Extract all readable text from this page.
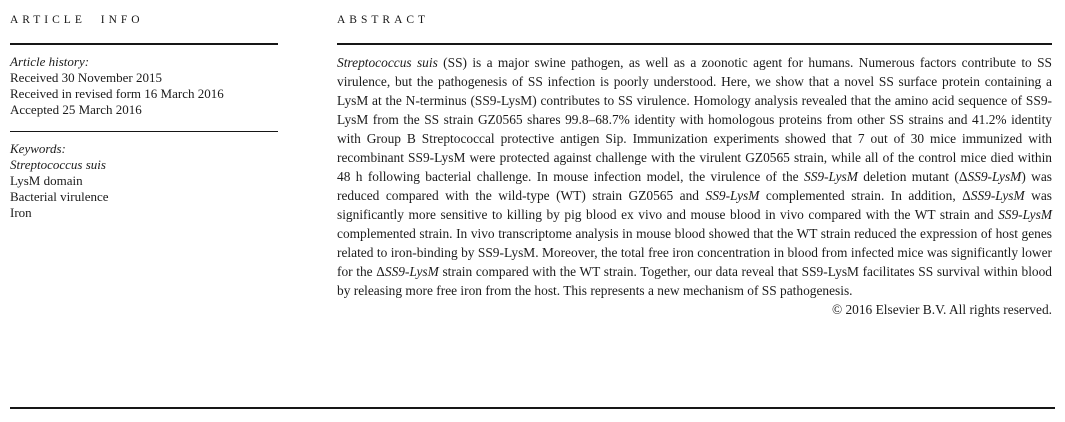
ARTICLE INFO
Article history:
Received 30 November 2015
Received in revised form 16 March 2016
Accepted 25 March 2016
Keywords:
Streptococcus suis
LysM domain
Bacterial virulence
Iron
ABSTRACT

Streptococcus suis (SS) is a major swine pathogen, as well as a zoonotic agent for humans. Numerous factors contribute to SS virulence, but the pathogenesis of SS infection is poorly understood. Here, we show that a novel SS surface protein containing a LysM at the N-terminus (SS9-LysM) contributes to SS virulence. Homology analysis revealed that the amino acid sequence of SS9-LysM from the SS strain GZ0565 shares 99.8–68.7% identity with homologous proteins from other SS strains and 41.2% identity with Group B Streptococcal protective antigen Sip. Immunization experiments showed that 7 out of 30 mice immunized with recombinant SS9-LysM were protected against challenge with the virulent GZ0565 strain, while all of the control mice died within 48 h following bacterial challenge. In mouse infection model, the virulence of the SS9-LysM deletion mutant (ΔSS9-LysM) was reduced compared with the wild-type (WT) strain GZ0565 and SS9-LysM complemented strain. In addition, ΔSS9-LysM was significantly more sensitive to killing by pig blood ex vivo and mouse blood in vivo compared with the WT strain and SS9-LysM complemented strain. In vivo transcriptome analysis in mouse blood showed that the WT strain reduced the expression of host genes related to iron-binding by SS9-LysM. Moreover, the total free iron concentration in blood from infected mice was significantly lower for the ΔSS9-LysM strain compared with the WT strain. Together, our data reveal that SS9-LysM facilitates SS survival within blood by releasing more free iron from the host. This represents a new mechanism of SS pathogenesis.

© 2016 Elsevier B.V. All rights reserved.
